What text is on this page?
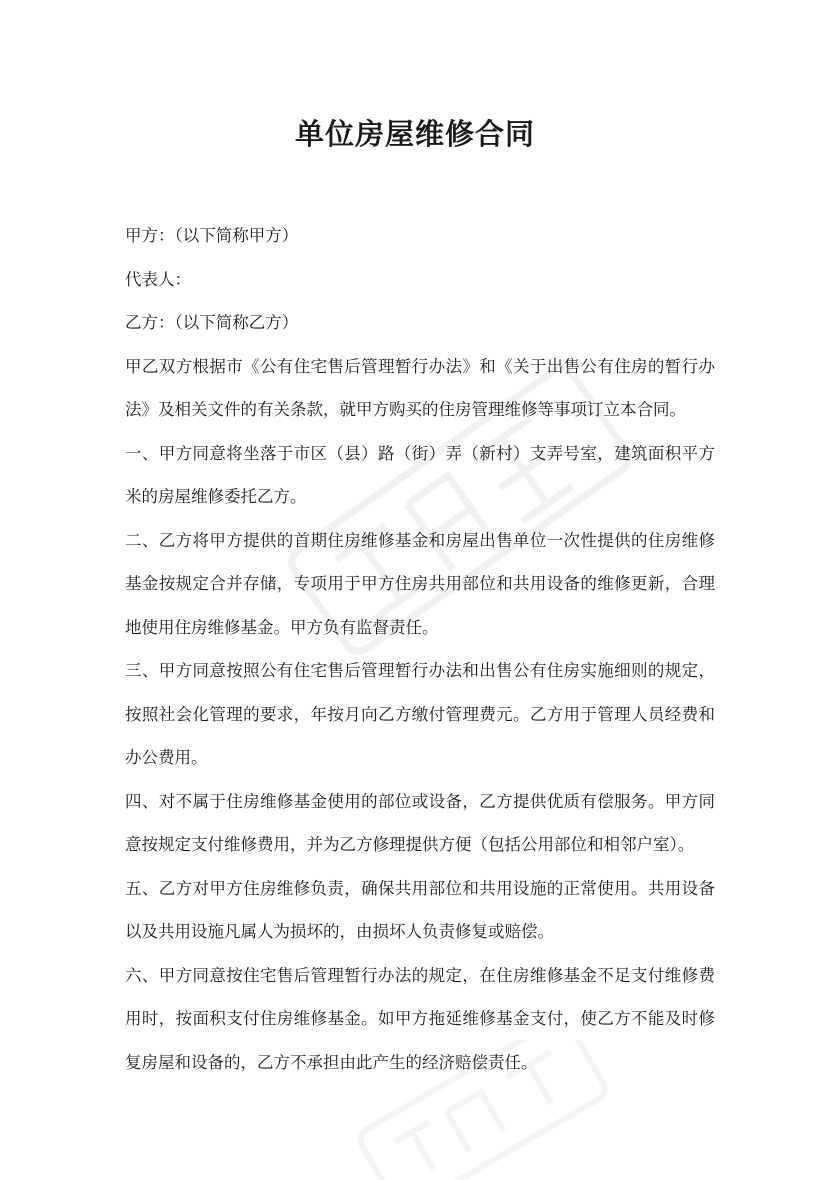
单位房屋维修合同

甲方：（以下简称甲方）

代表人：

乙方：（以下简称乙方）

甲乙双方根据市《公有住宅售后管理暂行办法》和《关于出售公有住房的暂行办法》及相关文件的有关条款，就甲方购买的住房管理维修等事项订立本合同。

一、甲方同意将坐落于市区（县）路（街）弄（新村）支弄号室，建筑面积平方米的房屋维修委托乙方。

二、乙方将甲方提供的首期住房维修基金和房屋出售单位一次性提供的住房维修基金按规定合并存储，专项用于甲方住房共用部位和共用设备的维修更新，合理地使用住房维修基金。甲方负有监督责任。

三、甲方同意按照公有住宅售后管理暂行办法和出售公有住房实施细则的规定，按照社会化管理的要求，年按月向乙方缴付管理费元。乙方用于管理人员经费和办公费用。

四、对不属于住房维修基金使用的部位或设备，乙方提供优质有偿服务。甲方同意按规定支付维修费用，并为乙方修理提供方便（包括公用部位和相邻户室）。

五、乙方对甲方住房维修负责，确保共用部位和共用设施的正常使用。共用设备以及共用设施凡属人为损坏的，由损坏人负责修复或赔偿。

六、甲方同意按住宅售后管理暂行办法的规定，在住房维修基金不足支付维修费用时，按面积支付住房维修基金。如甲方拖延维修基金支付，使乙方不能及时修复房屋和设备的，乙方不承担由此产生的经济赔偿责任。
